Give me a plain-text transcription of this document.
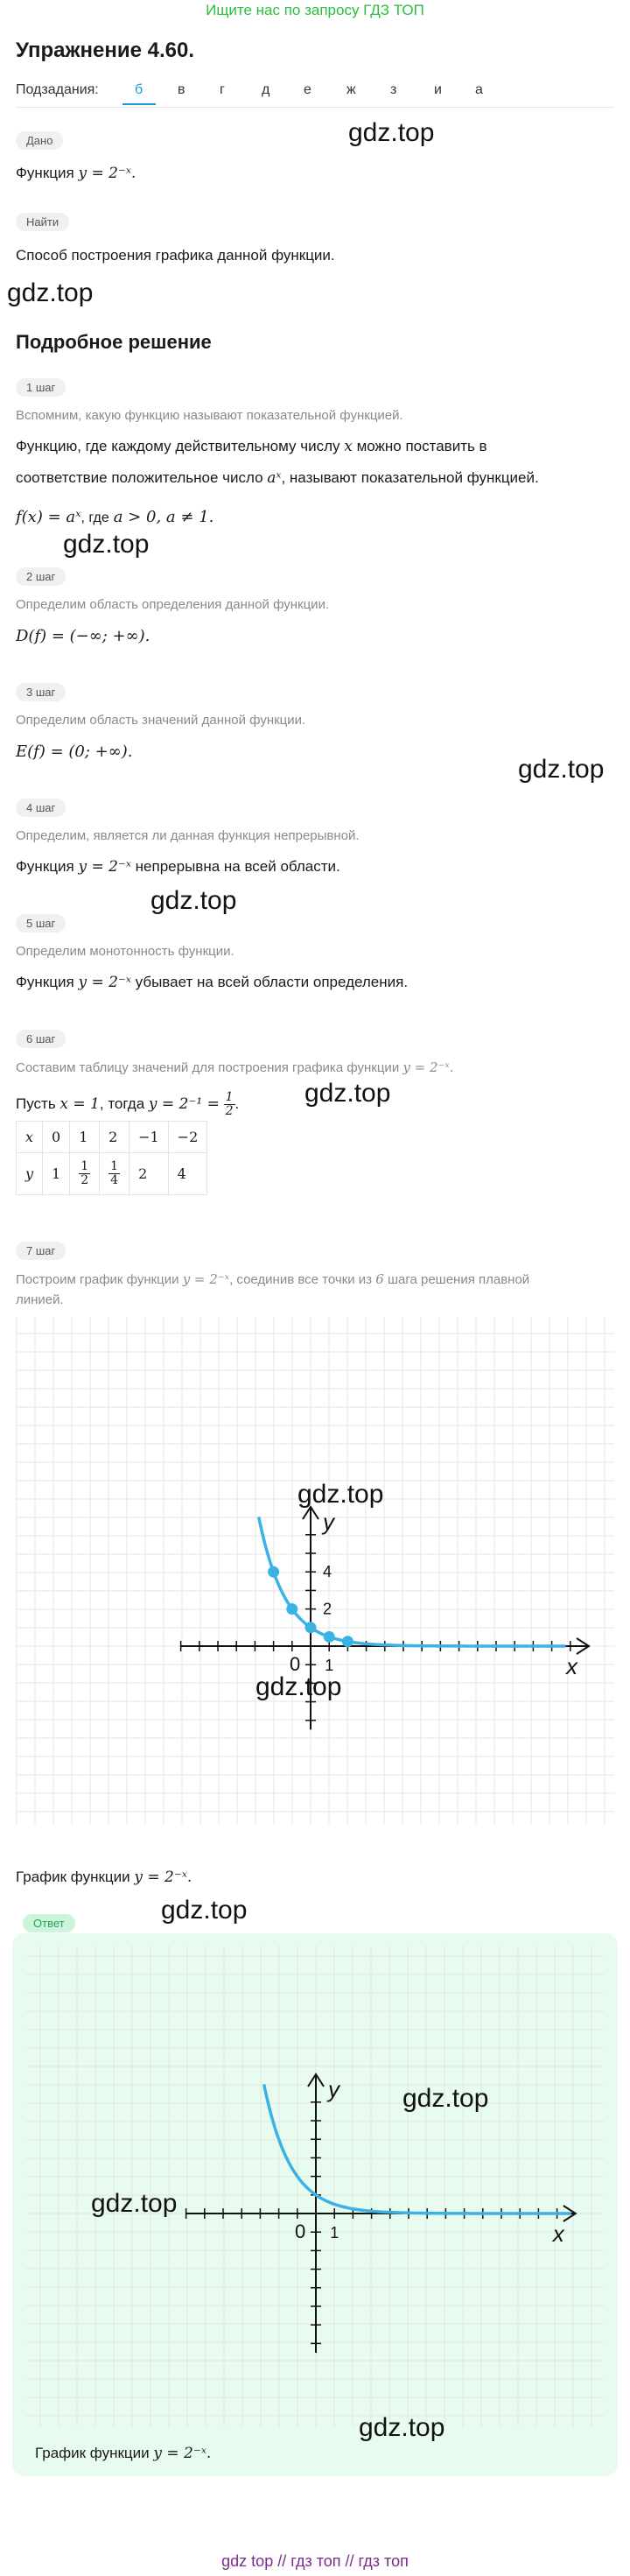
Ищите нас по запросу ГДЗ ТОП
Упражнение 4.60.
Подзадания:	б в г	д е	ж з	и а
gdz.top
Дано
Функция y = 2⁻ˣ.
Найти
Способ построения графика данной функции.
gdz.top
Подробное решение
1 шаг
Вспомним, какую функцию называют показательной функцией.
Функцию, где каждому действительному числу x можно поставить в
соответствие положительное число aˣ, называют показательной функцией.
f(x) = aˣ, где a > 0, a ≠ 1.
gdz.top
2 шаг
Определим область определения данной функции.
D(f) = (−∞; +∞).
3 шаг
Определим область значений данной функции.
E(f) = (0; +∞).
gdz.top
4 шаг
Определим, является ли данная функция непрерывной.
Функция y = 2⁻ˣ непрерывна на всей области.
gdz.top
5 шаг
Определим монотонность функции.
Функция y = 2⁻ˣ убывает на всей области определения.
6 шаг
Составим таблицу значений для построения графика функции y = 2⁻ˣ.
Пусть x = 1, тогда $y = 2^{-1} = \frac{1}{2}$ . gdz.top
x	0	1	2	−1	−2
y	1	$\frac{1}{2}$	$\frac{1}{4}$	2	4
7 шаг
Построим график функции y = 2⁻ˣ, соединив все точки из 6 шага решения плавной
линией.
x
y
0 1
2
4
gdz.top
gdz.top
График функции y = 2⁻ˣ.
gdz.top
Ответ
x
y
0 1
gdz.top
gdz.top
gdz.top
График функции y = 2⁻ˣ.
gdz top // гдз топ // гдз топ
